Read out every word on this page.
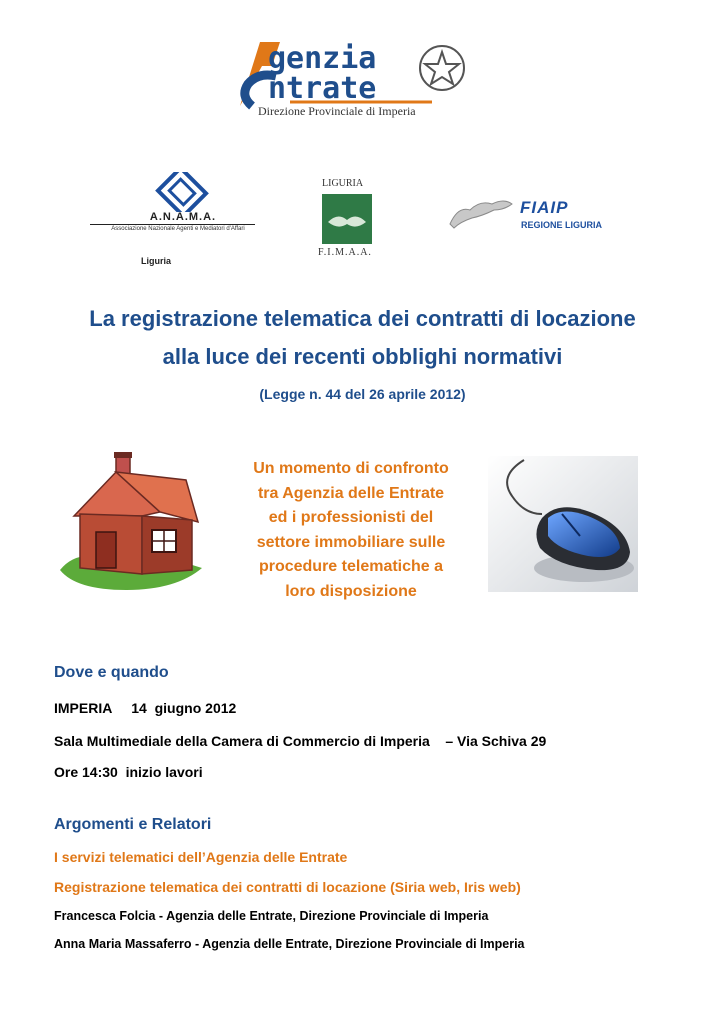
genzia
ntrate
Direzione Provinciale di Imperia
A.N.A.M.A.
Associazione Nazionale Agenti e Mediatori d'Affari
Liguria
LIGURIA
F.I.M.A.A.
FIAIP
REGIONE LIGURIA
La registrazione telematica dei contratti di locazione
alla luce dei recenti obblighi normativi
(Legge n. 44 del 26 aprile 2012)
Un momento di confronto
tra Agenzia delle Entrate
ed i professionisti del
settore immobiliare sulle
procedure telematiche a
loro disposizione
Dove e quando
IMPERIA     14  giugno 2012
Sala Multimediale della Camera di Commercio di Imperia    – Via Schiva 29
Ore 14:30  inizio lavori
Argomenti e Relatori
I servizi telematici dell’Agenzia delle Entrate
Registrazione telematica dei contratti di locazione (Siria web, Iris web)
Francesca Folcia - Agenzia delle Entrate, Direzione Provinciale di Imperia
Anna Maria Massaferro - Agenzia delle Entrate, Direzione Provinciale di Imperia
